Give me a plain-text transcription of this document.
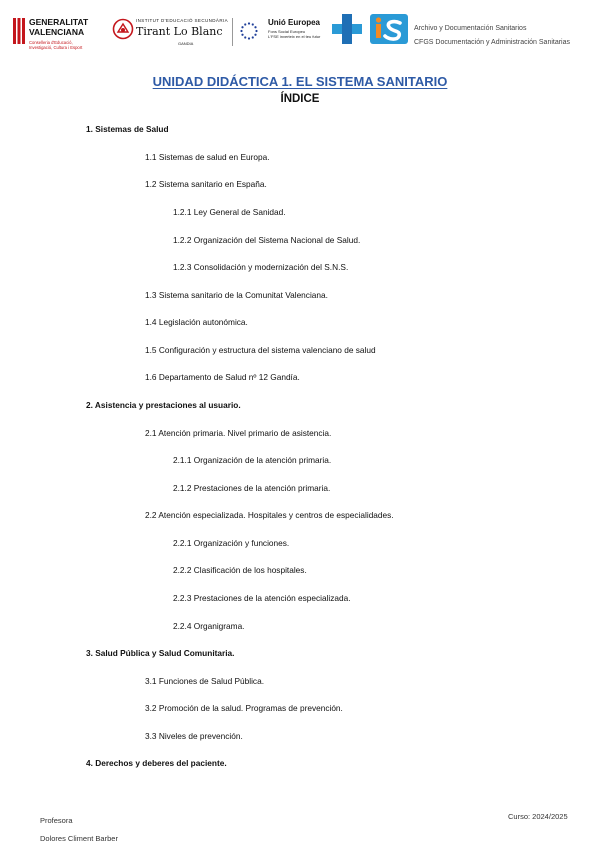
GENERALITAT
VALENCIANA
Conselleria d'Educació,
Investigació, Cultura i Esport
INSTITUT D'EDUCACIÓ SECUNDÀRIA
Tirant Lo Blanc
GANDIA
Unió Europea
Fons Social Europeu
L'FSE inverteix en el teu futur
Archivo y Documentación Sanitarios
CFGS Documentación y Administración Sanitarias
UNIDAD DIDÁCTICA 1. EL SISTEMA SANITARIO
ÍNDICE
1. Sistemas de Salud
1.1 Sistemas de salud en Europa.
1.2 Sistema sanitario en España.
1.2.1 Ley General de Sanidad.
1.2.2 Organización del Sistema Nacional de Salud.
1.2.3 Consolidación y modernización del S.N.S.
1.3 Sistema sanitario de la Comunitat Valenciana.
1.4 Legislación autonómica.
1.5 Configuración y estructura del sistema valenciano de salud
1.6 Departamento de Salud nº 12 Gandía.
2. Asistencia y prestaciones al usuario.
2.1 Atención primaria. Nivel primario de asistencia.
2.1.1 Organización de la atención primaria.
2.1.2 Prestaciones de la atención primaria.
2.2 Atención especializada. Hospitales y centros de especialidades.
2.2.1 Organización y funciones.
2.2.2 Clasificación de los hospitales.
2.2.3 Prestaciones de la atención especializada.
2.2.4 Organigrama.
3. Salud Pública y Salud Comunitaria.
3.1 Funciones de Salud Pública.
3.2 Promoción de la salud. Programas de prevención.
3.3 Niveles de prevención.
4. Derechos y deberes del paciente.
Profesora
Dolores Climent Barber
Curso: 2024/2025
